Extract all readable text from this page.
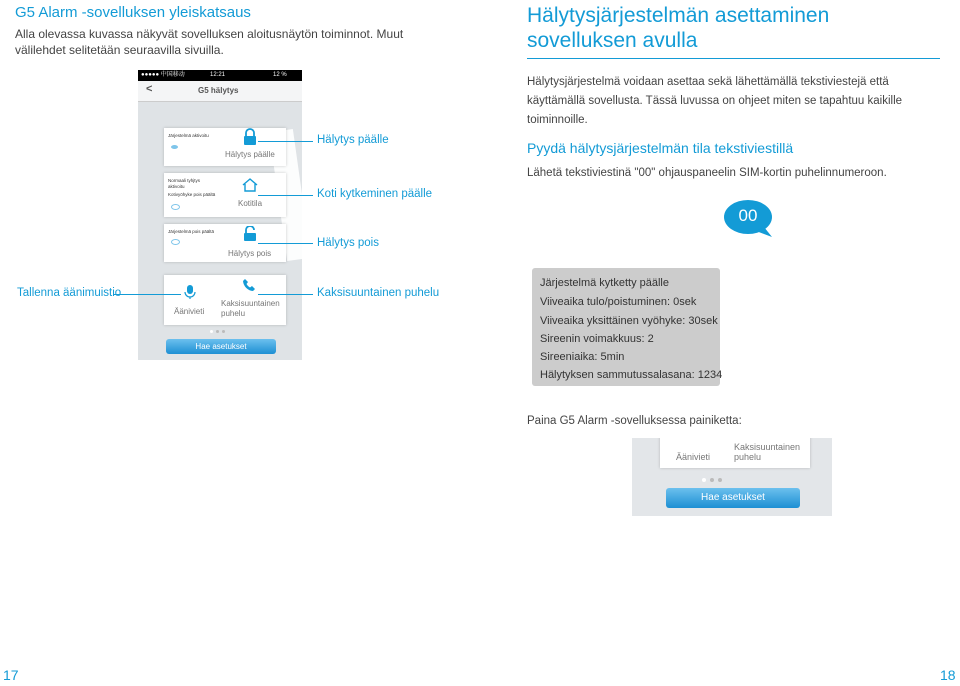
G5 Alarm -sovelluksen yleiskatsaus
Alla olevassa kuvassa näkyvät sovelluksen aloitusnäytön toiminnot. Muut välilehdet selitetään seuraavilla sivuilla.
●●●●● 中国移动	12:21	12 %
<	G5 hälytys
Järjestelmä aktivoitu
Hälytys päälle
Normaali tyhjtys
aktivoitu
Kotivyöhyke pois päältä
Kotitila
Järjestelmä pois päältä
Hälytys pois
Äänivieti
Kaksisuuntainen
puhelu
Hae asetukset
Hälytys päälle
Koti kytkeminen päälle
Hälytys pois
Tallenna äänimuistio	Kaksisuuntainen puhelu
Hälytysjärjestelmän asettaminen sovelluksen avulla
Hälytysjärjestelmä voidaan asettaa sekä lähettämällä tekstiviestejä että käyttämällä sovellusta. Tässä luvussa on ohjeet miten se tapahtuu kaikille toiminnoille.
Pyydä hälytysjärjestelmän tila tekstiviestillä
Lähetä tekstiviestinä "00" ohjauspaneelin SIM-kortin puhelinnumeroon.
00
Järjestelmä kytketty päälle
Viiveaika tulo/poistuminen: 0sek
Viiveaika yksittäinen vyöhyke: 30sek
Sireenin voimakkuus: 2
Sireeniaika: 5min
Hälytyksen sammutussalasana: 1234
Paina G5 Alarm -sovelluksessa painiketta:
Äänivieti
Kaksisuuntainen
puhelu
Hae asetukset
17	18
